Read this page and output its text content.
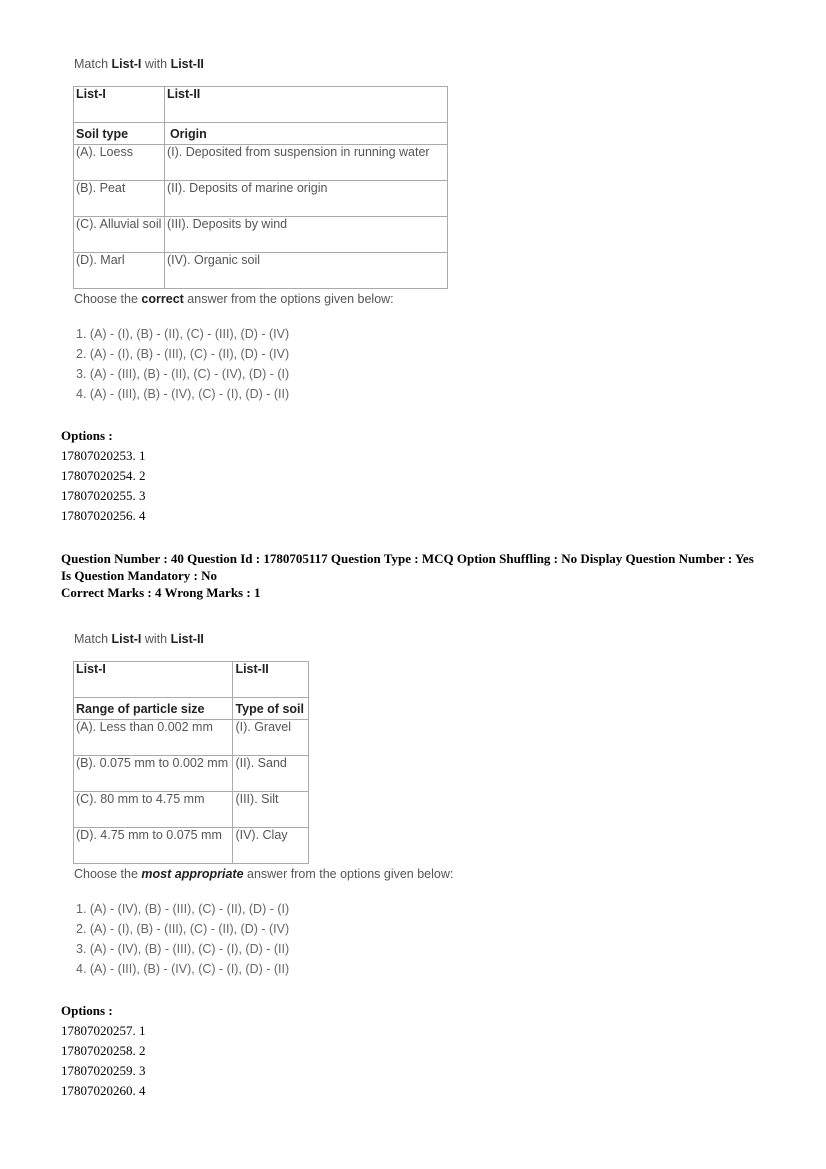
Match List-I with List-II
List-I	List-II
Soil type	Origin
(A). Loess	(I). Deposited from suspension in running water
(B). Peat	(II). Deposits of marine origin
(C). Alluvial soil	(III). Deposits by wind
(D). Marl	(IV). Organic soil
Choose the correct answer from the options given below:
1. (A) - (I), (B) - (II), (C) - (III), (D) - (IV)
2. (A) - (I), (B) - (III), (C) - (II), (D) - (IV)
3. (A) - (III), (B) - (II), (C) - (IV), (D) - (I)
4. (A) - (III), (B) - (IV), (C) - (I), (D) - (II)
Options :
17807020253. 1
17807020254. 2
17807020255. 3
17807020256. 4
Question Number : 40 Question Id : 1780705117 Question Type : MCQ Option Shuffling : No Display Question Number : Yes
Is Question Mandatory : No
Correct Marks : 4 Wrong Marks : 1
Match List-I with List-II
List-I	List-II
Range of particle size	Type of soil
(A). Less than 0.002 mm	(I). Gravel
(B). 0.075 mm to 0.002 mm	(II). Sand
(C). 80 mm to 4.75 mm	(III). Silt
(D). 4.75 mm to 0.075 mm	(IV). Clay
Choose the most appropriate answer from the options given below:
1. (A) - (IV), (B) - (III), (C) - (II), (D) - (I)
2. (A) - (I), (B) - (III), (C) - (II), (D) - (IV)
3. (A) - (IV), (B) - (III), (C) - (I), (D) - (II)
4. (A) - (III), (B) - (IV), (C) - (I), (D) - (II)
Options :
17807020257. 1
17807020258. 2
17807020259. 3
17807020260. 4
